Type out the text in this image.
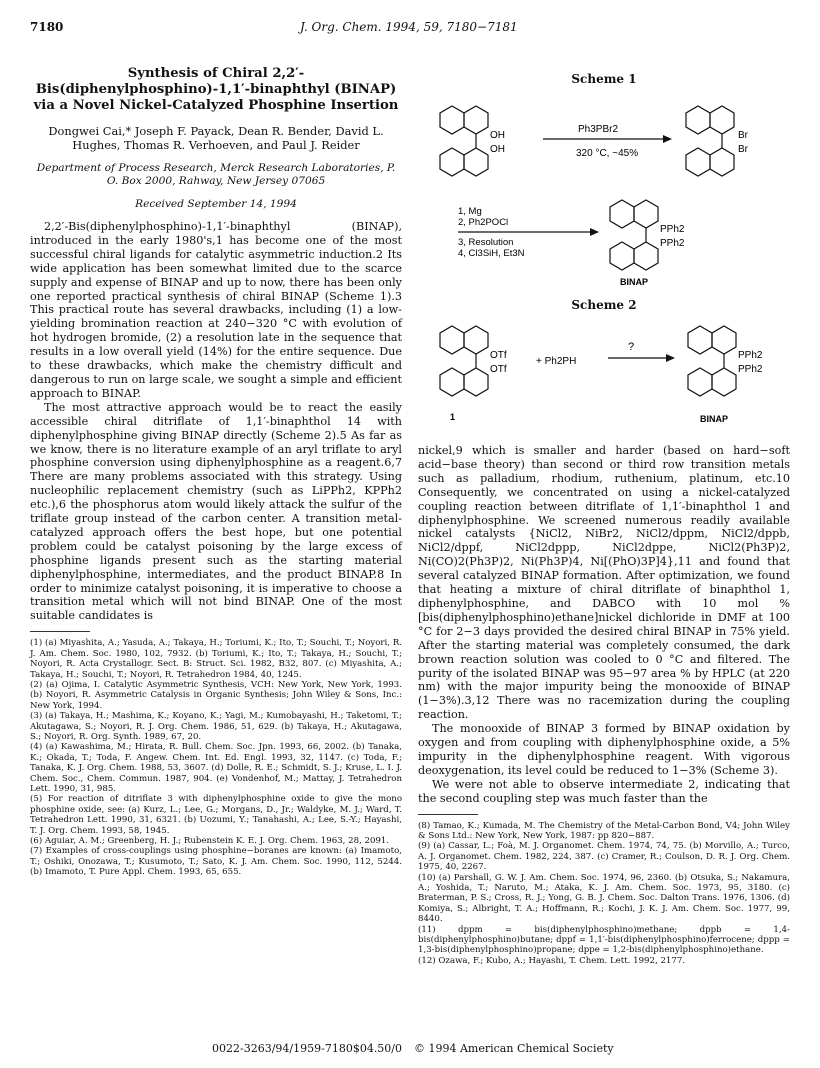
7180	J. Org. Chem. 1994, 59, 7180−7181
Synthesis of Chiral 2,2′-Bis(diphenylphosphino)-1,1′-binaphthyl (BINAP) via a Novel Nickel-Catalyzed Phosphine Insertion
Dongwei Cai,* Joseph F. Payack, Dean R. Bender, David L. Hughes, Thomas R. Verhoeven, and Paul J. Reider
Department of Process Research, Merck Research Laboratories, P. O. Box 2000, Rahway, New Jersey 07065
Received September 14, 1994

2,2′-Bis(diphenylphosphino)-1,1′-binaphthyl (BINAP), introduced in the early 1980's,1 has become one of the most successful chiral ligands for catalytic asymmetric induction.2 Its wide application has been somewhat limited due to the scarce supply and expense of BINAP and up to now, there has been only one reported practical synthesis of chiral BINAP (Scheme 1).3 This practical route has several drawbacks, including (1) a low-yielding bromination reaction at 240−320 °C with evolution of hot hydrogen bromide, (2) a resolution late in the sequence that results in a low overall yield (14%) for the entire sequence. Due to these drawbacks, which make the chemistry difficult and dangerous to run on large scale, we sought a simple and efficient approach to BINAP.

The most attractive approach would be to react the easily accessible chiral ditriflate of 1,1′-binaphthol 14 with diphenylphosphine giving BINAP directly (Scheme 2).5 As far as we know, there is no literature example of an aryl triflate to aryl phosphine conversion using diphenylphosphine as a reagent.6,7 There are many problems associated with this strategy. Using nucleophilic replacement chemistry (such as LiPPh2, KPPh2 etc.),6 the phosphorus atom would likely attack the sulfur of the triflate group instead of the carbon center. A transition metal-catalyzed approach offers the best hope, but one potential problem could be catalyst poisoning by the large excess of phosphine ligands present such as the starting material diphenylphosphine, intermediates, and the product BINAP.8 In order to minimize catalyst poisoning, it is imperative to choose a transition metal which will not bind BINAP. One of the most suitable candidates is

(1) (a) Miyashita, A.; Yasuda, A.; Takaya, H.; Toriumi, K.; Ito, T.; Souchi, T.; Noyori, R. J. Am. Chem. Soc. 1980, 102, 7932. (b) Toriumi, K.; Ito, T.; Takaya, H.; Souchi, T.; Noyori, R. Acta Crystallogr. Sect. B: Struct. Sci. 1982, B32, 807. (c) Miyashita, A.; Takaya, H.; Souchi, T.; Noyori, R. Tetrahedron 1984, 40, 1245.

(2) (a) Ojima, I. Catalytic Asymmetric Synthesis, VCH: New York, New York, 1993. (b) Noyori, R. Asymmetric Catalysis in Organic Synthesis; John Wiley & Sons, Inc.: New York, 1994.

(3) (a) Takaya, H.; Mashima, K.; Koyano, K.; Yagi, M.; Kumobayashi, H.; Taketomi, T.; Akutagawa, S.; Noyori, R. J. Org. Chem. 1986, 51, 629. (b) Takaya, H.; Akutagawa, S.; Noyori, R. Org. Synth. 1989, 67, 20.

(4) (a) Kawashima, M.; Hirata, R. Bull. Chem. Soc. Jpn. 1993, 66, 2002. (b) Tanaka, K.; Okada, T.; Toda, F. Angew. Chem. Int. Ed. Engl. 1993, 32, 1147. (c) Toda, F.; Tanaka, K. J. Org. Chem. 1988, 53, 3607. (d) Dolle, R. E.; Schmidt, S. J.; Kruse, L. I. J. Chem. Soc., Chem. Commun. 1987, 904. (e) Vondenhof, M.; Mattay, J. Tetrahedron Lett. 1990, 31, 985.

(5) For reaction of ditriflate 3 with diphenylphosphine oxide to give the mono phosphine oxide, see: (a) Kurz, L.; Lee, G.; Morgans, D., Jr.; Waldyke, M. J.; Ward, T. Tetrahedron Lett. 1990, 31, 6321. (b) Uozumi, Y.; Tanahashi, A.; Lee, S.-Y.; Hayashi, T. J. Org. Chem. 1993, 58, 1945.

(6) Aguiar, A. M.; Greenberg, H. J.; Rubenstein K. E. J. Org. Chem. 1963, 28, 2091.

(7) Examples of cross-couplings using phosphine−boranes are known: (a) Imamoto, T.; Oshiki, Onozawa, T.; Kusumoto, T.; Sato, K. J. Am. Chem. Soc. 1990, 112, 5244. (b) Imamoto, T. Pure Appl. Chem. 1993, 65, 655.

Scheme 1
OH
OH
Ph3PBr2
320 °C, ~45%
Br
Br
1, Mg
2, Ph2POCl
3, Resolution
4, Cl3SiH, Et3N
PPh2
PPh2
BINAP
Scheme 2
OTf
OTf
1
+ Ph2PH
?
PPh2
PPh2
BINAP

nickel,9 which is smaller and harder (based on hard−soft acid−base theory) than second or third row transition metals such as palladium, rhodium, ruthenium, platinum, etc.10 Consequently, we concentrated on using a nickel-catalyzed coupling reaction between ditriflate of 1,1′-binaphthol 1 and diphenylphosphine. We screened numerous readily available nickel catalysts {NiCl2, NiBr2, NiCl2/dppm, NiCl2/dppb, NiCl2/dppf, NiCl2dppp, NiCl2dppe, NiCl2(Ph3P)2, Ni(CO)2(Ph3P)2, Ni(Ph3P)4, Ni[(PhO)3P]4},11 and found that several catalyzed BINAP formation. After optimization, we found that heating a mixture of chiral ditriflate of binaphthol 1, diphenylphosphine, and DABCO with 10 mol % [bis(diphenylphosphino)ethane]nickel dichloride in DMF at 100 °C for 2−3 days provided the desired chiral BINAP in 75% yield. After the starting material was completely consumed, the dark brown reaction solution was cooled to 0 °C and filtered. The purity of the isolated BINAP was 95−97 area % by HPLC (at 220 nm) with the major impurity being the monooxide of BINAP (1−3%).3,12 There was no racemization during the coupling reaction.

The monooxide of BINAP 3 formed by BINAP oxidation by oxygen and from coupling with diphenylphosphine oxide, a 5% impurity in the diphenylphosphine reagent. With vigorous deoxygenation, its level could be reduced to 1−3% (Scheme 3).

We were not able to observe intermediate 2, indicating that the second coupling step was much faster than the

(8) Tamao, K.; Kumada, M. The Chemistry of the Metal-Carbon Bond, V4; John Wiley & Sons Ltd.: New York, New York, 1987: pp 820−887.

(9) (a) Cassar, L.; Foà, M. J. Organomet. Chem. 1974, 74, 75. (b) Morvillo, A.; Turco, A. J. Organomet. Chem. 1982, 224, 387. (c) Cramer, R.; Coulson, D. R. J. Org. Chem. 1975, 40, 2267.

(10) (a) Parshall, G. W. J. Am. Chem. Soc. 1974, 96, 2360. (b) Otsuka, S.; Nakamura, A.; Yoshida, T.; Naruto, M.; Ataka, K. J. Am. Chem. Soc. 1973, 95, 3180. (c) Braterman, P. S.; Cross, R. J.; Yong, G. B. J. Chem. Soc. Dalton Trans. 1976, 1306. (d) Komiya, S.; Albright, T. A.; Hoffmann, R.; Kochi, J. K. J. Am. Chem. Soc. 1977, 99, 8440.

(11) dppm = bis(diphenylphosphino)methane; dppb = 1,4-bis(diphenylphosphino)butane; dppf = 1,1′-bis(diphenylphosphino)ferrocene; dppp = 1,3-bis(diphenylphosphino)propane; dppe = 1,2-bis(diphenylphosphino)ethane.

(12) Ozawa, F.; Kubo, A.; Hayashi, T. Chem. Lett. 1992, 2177.

0022-3263/94/1959-7180$04.50/0 © 1994 American Chemical Society
